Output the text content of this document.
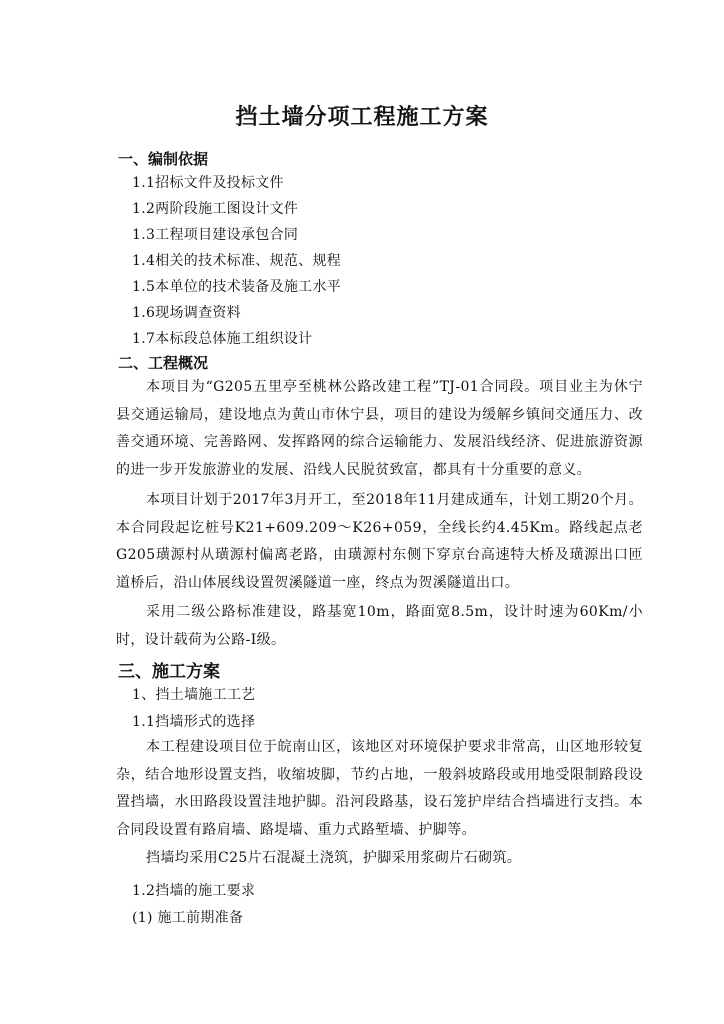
挡土墙分项工程施工方案
一、编制依据
1.1招标文件及投标文件
1.2两阶段施工图设计文件
1.3工程项目建设承包合同
1.4相关的技术标准、规范、规程
1.5本单位的技术装备及施工水平
1.6现场调查资料
1.7本标段总体施工组织设计
二、工程概况

本项目为“G205五里亭至桃林公路改建工程”TJ-01合同段。项目业主为休宁县交通运输局，建设地点为黄山市休宁县，项目的建设为缓解乡镇间交通压力、改善交通环境、完善路网、发挥路网的综合运输能力、发展沿线经济、促进旅游资源的进一步开发旅游业的发展、沿线人民脱贫致富，都具有十分重要的意义。

本项目计划于2017年3月开工，至2018年11月建成通车，计划工期20个月。本合同段起讫桩号K21+609.209～K26+059，全线长约4.45Km。路线起点老G205璜源村从璜源村偏离老路，由璜源村东侧下穿京台高速特大桥及璜源出口匝道桥后，沿山体展线设置贺溪隧道一座，终点为贺溪隧道出口。

采用二级公路标准建设，路基宽10m，路面宽8.5m，设计时速为60Km/小时，设计载荷为公路-I级。

三、施工方案
1、挡土墙施工工艺
1.1挡墙形式的选择

本工程建设项目位于皖南山区，该地区对环境保护要求非常高，山区地形较复杂，结合地形设置支挡，收缩坡脚，节约占地，一般斜坡路段或用地受限制路段设置挡墙，水田路段设置洼地护脚。沿河段路基，设石笼护岸结合挡墙进行支挡。本合同段设置有路肩墙、路堤墙、重力式路堑墙、护脚等。

挡墙均采用C25片石混凝土浇筑，护脚采用浆砌片石砌筑。

1.2挡墙的施工要求
(1) 施工前期准备
